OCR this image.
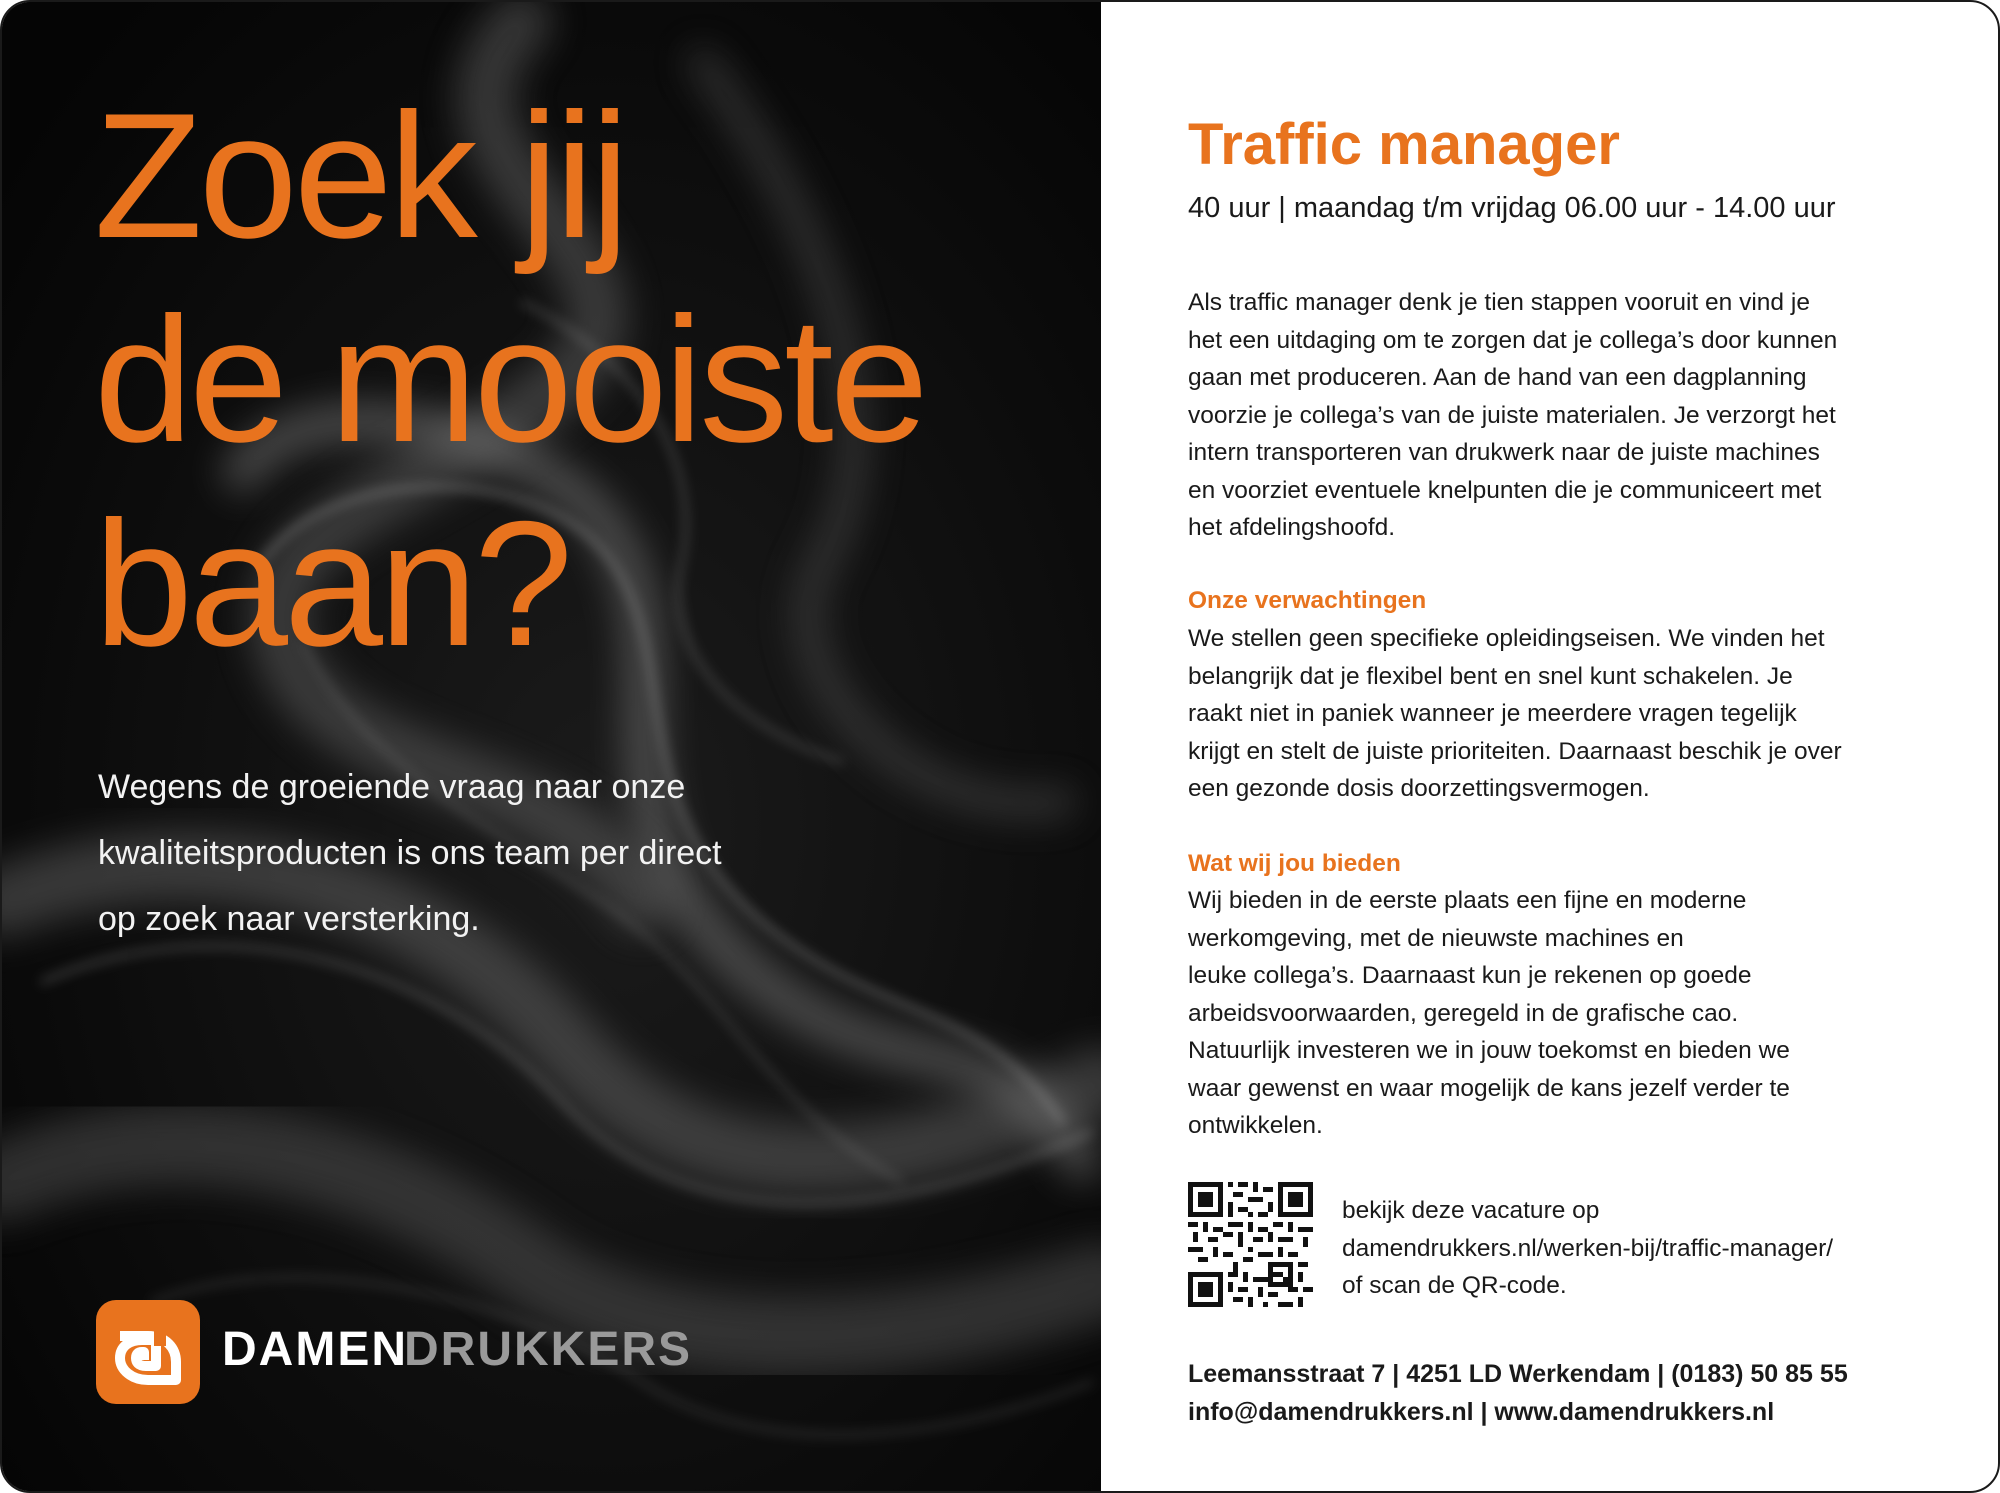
Zoek jij
de mooiste
baan?
Wegens de groeiende vraag naar onze
kwaliteitsproducten is ons team per direct
op zoek naar versterking.
DAMEN
DRUKKERS
Traffic manager
40 uur | maandag t/m vrijdag 06.00 uur - 14.00 uur
Als traffic manager denk je tien stappen vooruit en vind je
het een uitdaging om te zorgen dat je collega’s door kunnen
gaan met produceren. Aan de hand van een dagplanning
voorzie je collega’s van de juiste materialen. Je verzorgt het
intern transporteren van drukwerk naar de juiste machines
en voorziet eventuele knelpunten die je communiceert met
het afdelingshoofd.
Onze verwachtingen
We stellen geen specifieke opleidingseisen. We vinden het
belangrijk dat je flexibel bent en snel kunt schakelen. Je
raakt niet in paniek wanneer je meerdere vragen tegelijk
krijgt en stelt de juiste prioriteiten. Daarnaast beschik je over
een gezonde dosis doorzettingsvermogen.
Wat wij jou bieden
Wij bieden in de eerste plaats een fijne en moderne
werkomgeving, met de nieuwste machines en
leuke collega’s. Daarnaast kun je rekenen op goede
arbeidsvoorwaarden, geregeld in de grafische cao.
Natuurlijk investeren we in jouw toekomst en bieden we
waar gewenst en waar mogelijk de kans jezelf verder te
ontwikkelen.
bekijk deze vacature op
damendrukkers.nl/werken-bij/traffic-manager/
of scan de QR-code.
Leemansstraat 7 | 4251 LD Werkendam | (0183) 50 85 55
info@damendrukkers.nl | www.damendrukkers.nl
